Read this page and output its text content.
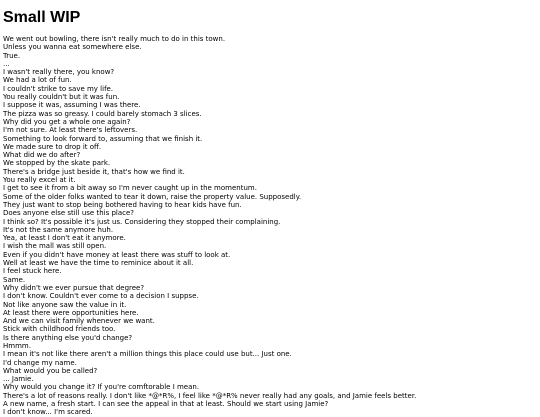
Small WIP
We went out bowling, there isn't really much to do in this town.
Unless you wanna eat somewhere else.
True.
...
I wasn't really there, you know?
We had a lot of fun.
I couldn't strike to save my life.
You really couldn't but it was fun.
I suppose it was, assuming I was there.
The pizza was so greasy. I could barely stomach 3 slices.
Why did you get a whole one again?
I'm not sure. At least there's leftovers.
Something to look forward to, assuming that we finish it.
We made sure to drop it off.
What did we do after?
We stopped by the skate park.
There's a bridge just beside it, that's how we find it.
You really excel at it.
I get to see it from a bit away so I'm never caught up in the momentum.
Some of the older folks wanted to tear it down, raise the property value. Supposedly.
They just want to stop being bothered having to hear kids have fun.
Does anyone else still use this place?
I think so? It's possible it's just us. Considering they stopped their complaining.
It's not the same anymore huh.
Yea, at least I don't eat it anymore.
I wish the mall was still open.
Even if you didn't have money at least there was stuff to look at.
Well at least we have the time to reminice about it all.
I feel stuck here.
Same.
Why didn't we ever pursue that degree?
I don't know. Couldn't ever come to a decision I suppse.
Not like anyone saw the value in it.
At least there were opportunities here.
And we can visit family whenever we want.
Stick with childhood friends too.
Is there anything else you'd change?
Hmmm.
I mean it's not like there aren't a million things this place could use but... Just one.
I'd change my name.
What would you be called?
... Jamie.
Why would you change it? If you're comftorable I mean.
There's a lot of reasons really. I don't like *@*R%, I feel like *@*R% never really had any goals, and Jamie feels better.
A new name, a fresh start. I can see the appeal in that at least. Should we start using Jamie?
I don't know... I'm scared.
